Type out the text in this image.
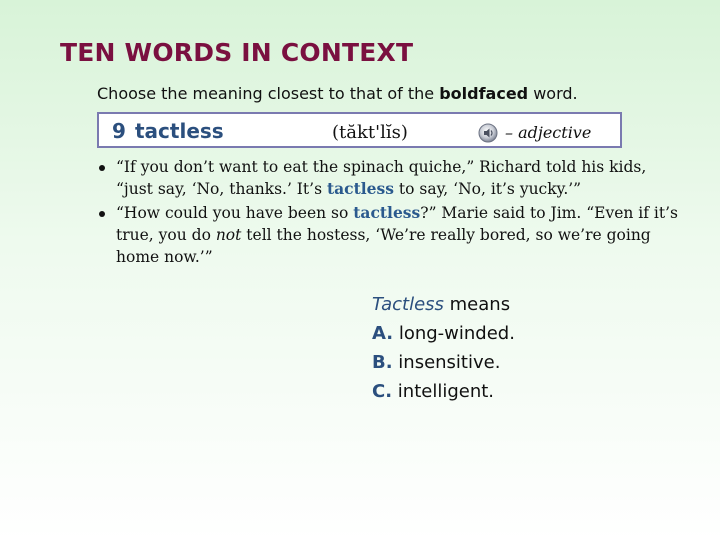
TEN WORDS IN CONTEXT
Choose the meaning closest to that of the boldfaced word.
9 tactless	(tăkt'lĭs)	– adjective
“If you don’t want to eat the spinach quiche,” Richard told his kids, “just say, ‘No, thanks.’ It’s tactless to say, ‘No, it’s yucky.’”
“How could you have been so tactless?” Marie said to Jim. “Even if it’s true, you do not tell the hostess, ‘We’re really bored, so we’re going home now.’”
Tactless means
A. long-winded.
B. insensitive.
C. intelligent.
